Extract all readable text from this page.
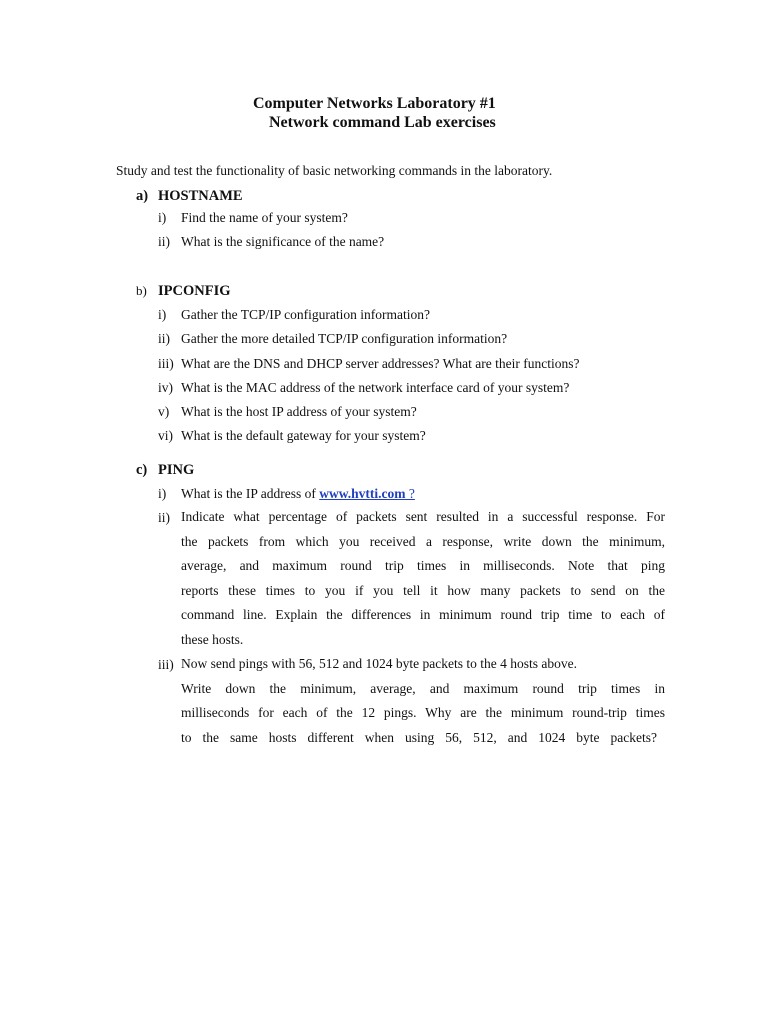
Computer Networks Laboratory #1
Network command Lab exercises
Study and test the functionality of basic networking commands in the laboratory.
a) HOSTNAME
i) Find the name of your system?
ii) What is the significance of the name?
b) IPCONFIG
i) Gather the TCP/IP configuration information?
ii) Gather the more detailed TCP/IP configuration information?
iii) What are the DNS and DHCP server addresses? What are their functions?
iv) What is the MAC address of the network interface card of your system?
v) What is the host IP address of your system?
vi) What is the default gateway for your system?
c) PING
i) What is the IP address of www.hvtti.com ?
ii) Indicate what percentage of packets sent resulted in a successful response. For
the packets from which you received a response, write down the minimum,
average, and maximum round trip times in milliseconds. Note that ping
reports these times to you if you tell it how many packets to send on the
command line. Explain the differences in minimum round trip time to each of
these hosts.
iii) Now send pings with 56, 512 and 1024 byte packets to the 4 hosts above.
Write down the minimum, average, and maximum round trip times in
milliseconds for each of the 12 pings. Why are the minimum round-trip times
to the same hosts different when using 56, 512, and 1024 byte packets?
